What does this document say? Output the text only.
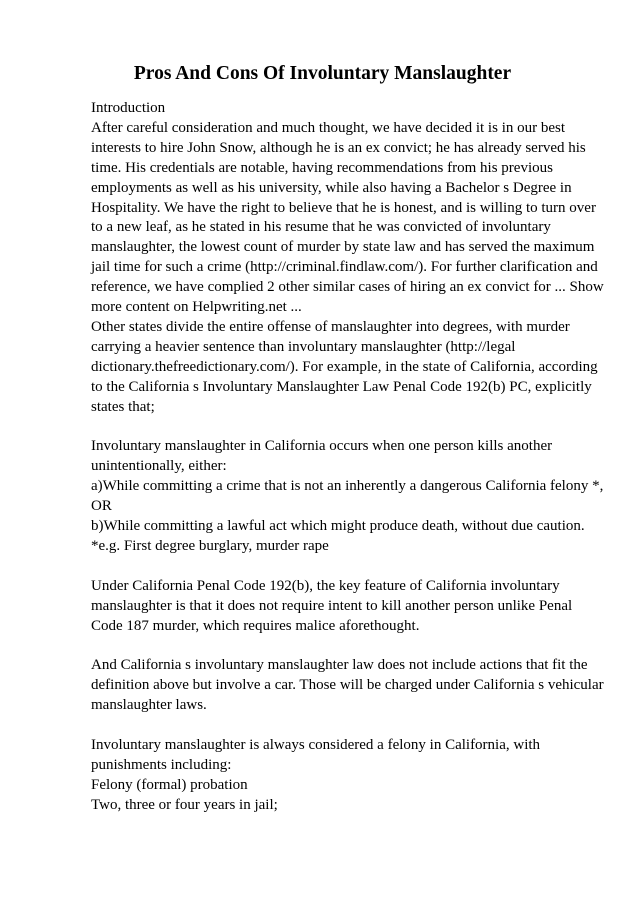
Pros And Cons Of Involuntary Manslaughter
Introduction
After careful consideration and much thought, we have decided it is in our best
interests to hire John Snow, although he is an ex convict; he has already served his
time. His credentials are notable, having recommendations from his previous
employments as well as his university, while also having a Bachelor s Degree in
Hospitality. We have the right to believe that he is honest, and is willing to turn over
to a new leaf, as he stated in his resume that he was convicted of involuntary
manslaughter, the lowest count of murder by state law and has served the maximum
jail time for such a crime (http://criminal.findlaw.com/). For further clarification and
reference, we have complied 2 other similar cases of hiring an ex convict for ... Show
more content on Helpwriting.net ...
Other states divide the entire offense of manslaughter into degrees, with murder
carrying a heavier sentence than involuntary manslaughter (http://legal
dictionary.thefreedictionary.com/). For example, in the state of California, according
to the California s Involuntary Manslaughter Law Penal Code 192(b) PC, explicitly
states that;
Involuntary manslaughter in California occurs when one person kills another
unintentionally, either:
a)While committing a crime that is not an inherently a dangerous California felony *,
OR
b)While committing a lawful act which might produce death, without due caution.
*e.g. First degree burglary, murder rape
Under California Penal Code 192(b), the key feature of California involuntary
manslaughter is that it does not require intent to kill another person unlike Penal
Code 187 murder, which requires malice aforethought.
And California s involuntary manslaughter law does not include actions that fit the
definition above but involve a car. Those will be charged under California s vehicular
manslaughter laws.
Involuntary manslaughter is always considered a felony in California, with
punishments including:
Felony (formal) probation
Two, three or four years in jail;
